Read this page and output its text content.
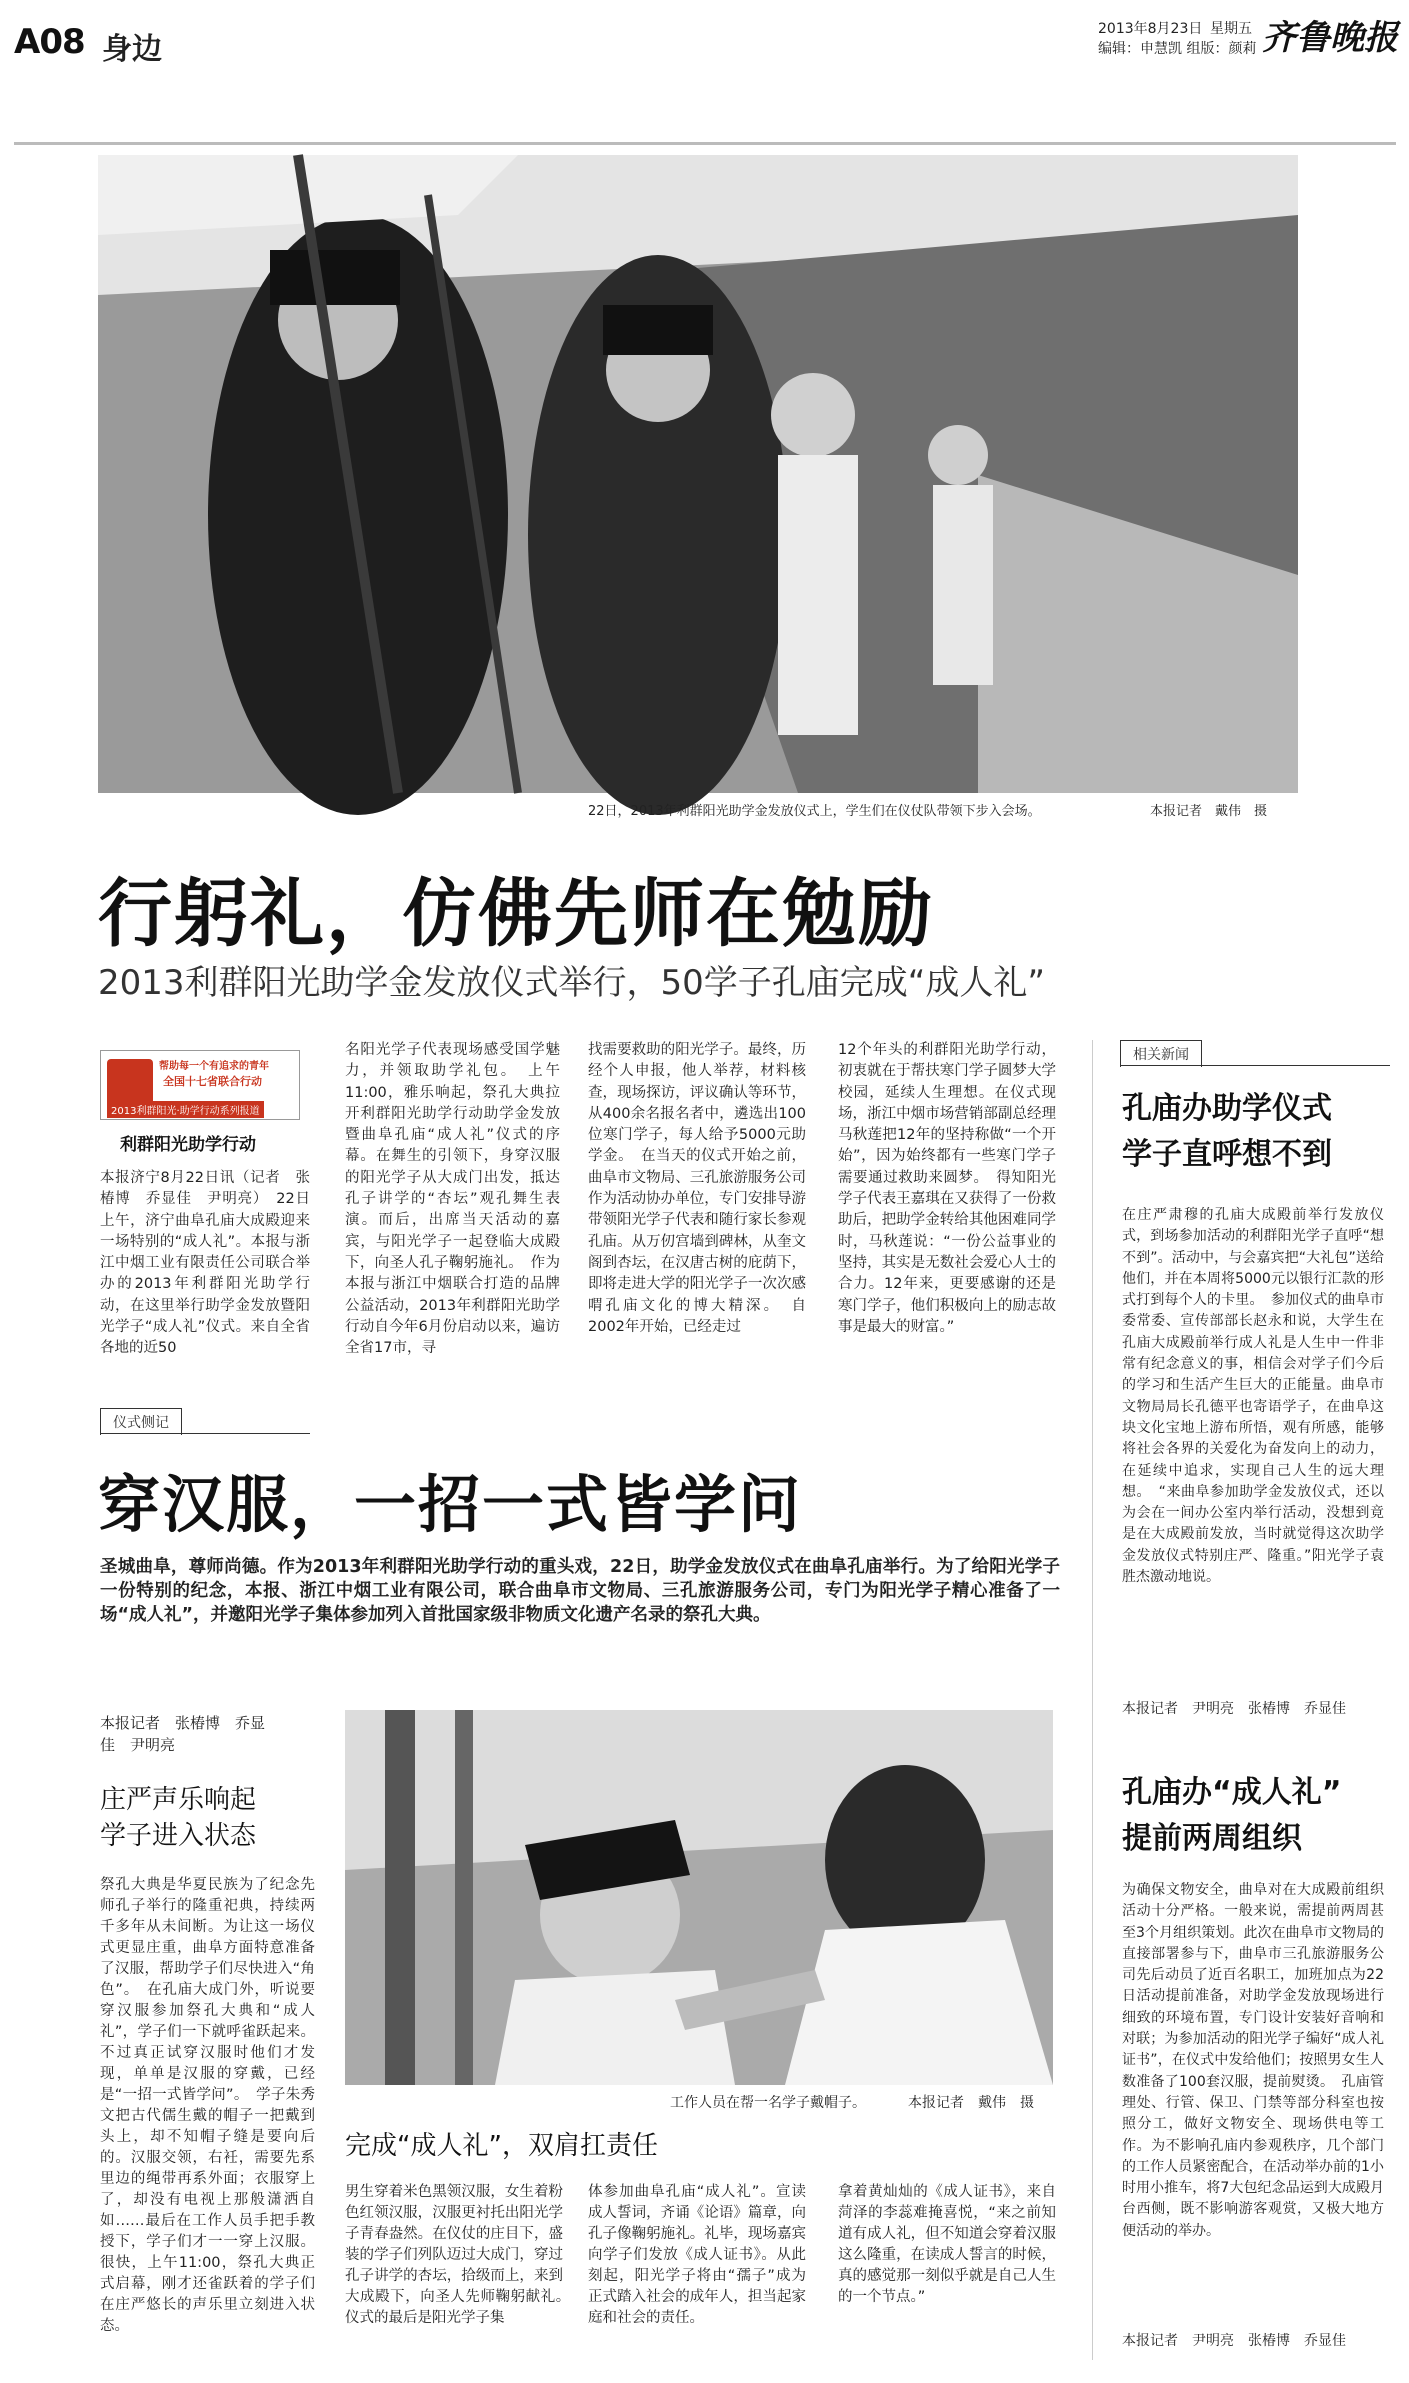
A08 身边
2013年8月23日 星期五
编辑：申慧凯 组版：颜莉 齐鲁晚报
22日，2013年利群阳光助学金发放仪式上，学生们在仪仗队带领下步入会场。	本报记者　戴伟　摄
行躬礼，仿佛先师在勉励
2013利群阳光助学金发放仪式举行，50学子孔庙完成“成人礼”
帮助每一个有追求的青年
全国十七省联合行动
2013利群阳光·助学行动系列报道
利群阳光助学行动
本报济宁8月22日讯（记者　张椿博　乔显佳　尹明亮）　22日上午，济宁曲阜孔庙大成殿迎来一场特别的“成人礼”。本报与浙江中烟工业有限责任公司联合举办的2013年利群阳光助学行动，在这里举行助学金发放暨阳光学子“成人礼”仪式。来自全省各地的近50
名阳光学子代表现场感受国学魅力，并领取助学礼包。　上午11:00，雅乐响起，祭孔大典拉开利群阳光助学行动助学金发放暨曲阜孔庙“成人礼”仪式的序幕。在舞生的引领下，身穿汉服的阳光学子从大成门出发，抵达孔子讲学的“杏坛”观孔舞生表演。而后，出席当天活动的嘉宾，与阳光学子一起登临大成殿下，向圣人孔子鞠躬施礼。　作为本报与浙江中烟联合打造的品牌公益活动，2013年利群阳光助学行动自今年6月份启动以来，遍访全省17市，寻
找需要救助的阳光学子。最终，历经个人申报，他人举荐，材料核查，现场探访，评议确认等环节，从400余名报名者中，遴选出100位寒门学子，每人给予5000元助学金。　在当天的仪式开始之前，曲阜市文物局、三孔旅游服务公司作为活动协办单位，专门安排导游带领阳光学子代表和随行家长参观孔庙。从万仞宫墙到碑林，从奎文阁到杏坛，在汉唐古树的庇荫下，即将走进大学的阳光学子一次次感喟孔庙文化的博大精深。　自2002年开始，已经走过
12个年头的利群阳光助学行动，初衷就在于帮扶寒门学子圆梦大学校园，延续人生理想。在仪式现场，浙江中烟市场营销部副总经理马秋莲把12年的坚持称做“一个开始”，因为始终都有一些寒门学子需要通过救助来圆梦。　得知阳光学子代表王嘉琪在又获得了一份救助后，把助学金转给其他困难同学时，马秋莲说：“一份公益事业的坚持，其实是无数社会爱心人士的合力。12年来，更要感谢的还是寒门学子，他们积极向上的励志故事是最大的财富。”
相关新闻
孔庙办助学仪式
学子直呼想不到
在庄严肃穆的孔庙大成殿前举行发放仪式，到场参加活动的利群阳光学子直呼“想不到”。活动中，与会嘉宾把“大礼包”送给他们，并在本周将5000元以银行汇款的形式打到每个人的卡里。　参加仪式的曲阜市委常委、宣传部部长赵永和说，大学生在孔庙大成殿前举行成人礼是人生中一件非常有纪念意义的事，相信会对学子们今后的学习和生活产生巨大的正能量。曲阜市文物局局长孔德平也寄语学子，在曲阜这块文化宝地上游布所悟，观有所感，能够将社会各界的关爱化为奋发向上的动力，在延续中追求，实现自己人生的远大理想。　“来曲阜参加助学金发放仪式，还以为会在一间办公室内举行活动，没想到竟是在大成殿前发放，当时就觉得这次助学金发放仪式特别庄严、隆重。”阳光学子袁胜杰激动地说。
本报记者　尹明亮　张椿博　乔显佳
孔庙办“成人礼”
提前两周组织
为确保文物安全，曲阜对在大成殿前组织活动十分严格。一般来说，需提前两周甚至3个月组织策划。此次在曲阜市文物局的直接部署参与下，曲阜市三孔旅游服务公司先后动员了近百名职工，加班加点为22日活动提前准备，对助学金发放现场进行细致的环境布置，专门设计安装好音响和对联；为参加活动的阳光学子编好“成人礼证书”，在仪式中发给他们；按照男女生人数准备了100套汉服，提前熨烫。　孔庙管理处、行管、保卫、门禁等部分科室也按照分工，做好文物安全、现场供电等工作。为不影响孔庙内参观秩序，几个部门的工作人员紧密配合，在活动举办前的1小时用小推车，将7大包纪念品运到大成殿月台西侧，既不影响游客观赏，又极大地方便活动的举办。
本报记者　尹明亮　张椿博　乔显佳
仪式侧记
穿汉服，一招一式皆学问
圣城曲阜，尊师尚德。作为2013年利群阳光助学行动的重头戏，22日，助学金发放仪式在曲阜孔庙举行。为了给阳光学子一份特别的纪念，本报、浙江中烟工业有限公司，联合曲阜市文物局、三孔旅游服务公司，专门为阳光学子精心准备了一场“成人礼”，并邀阳光学子集体参加列入首批国家级非物质文化遗产名录的祭孔大典。
本报记者　张椿博　乔显佳　尹明亮
庄严声乐响起
学子进入状态
祭孔大典是华夏民族为了纪念先师孔子举行的隆重祀典，持续两千多年从未间断。为让这一场仪式更显庄重，曲阜方面特意准备了汉服，帮助学子们尽快进入“角色”。　在孔庙大成门外，听说要穿汉服参加祭孔大典和“成人礼”，学子们一下就呼雀跃起来。不过真正试穿汉服时他们才发现，单单是汉服的穿戴，已经是“一招一式皆学问”。　学子朱秀文把古代儒生戴的帽子一把戴到头上，却不知帽子缝是要向后的。汉服交领，右衽，需要先系里边的绳带再系外面；衣服穿上了，却没有电视上那般潇洒自如……最后在工作人员手把手教授下，学子们才一一穿上汉服。很快，上午11:00，祭孔大典正式启幕，刚才还雀跃着的学子们在庄严悠长的声乐里立刻进入状态。
工作人员在帮一名学子戴帽子。	本报记者　戴伟　摄
完成“成人礼”，双肩扛责任
男生穿着米色黑领汉服，女生着粉色红领汉服，汉服更衬托出阳光学子青春盎然。在仪仗的庄目下，盛装的学子们列队迈过大成门，穿过孔子讲学的杏坛，拾级而上，来到大成殿下，向圣人先师鞠躬献礼。　仪式的最后是阳光学子集
体参加曲阜孔庙“成人礼”。宣读成人誓词，齐诵《论语》篇章，向孔子像鞠躬施礼。礼毕，现场嘉宾向学子们发放《成人证书》。从此刻起，阳光学子将由“孺子”成为正式踏入社会的成年人，担当起家庭和社会的责任。
拿着黄灿灿的《成人证书》，来自菏泽的李蕊难掩喜悦，“来之前知道有成人礼，但不知道会穿着汉服这么隆重，在读成人誓言的时候，真的感觉那一刻似乎就是自己人生的一个节点。”
